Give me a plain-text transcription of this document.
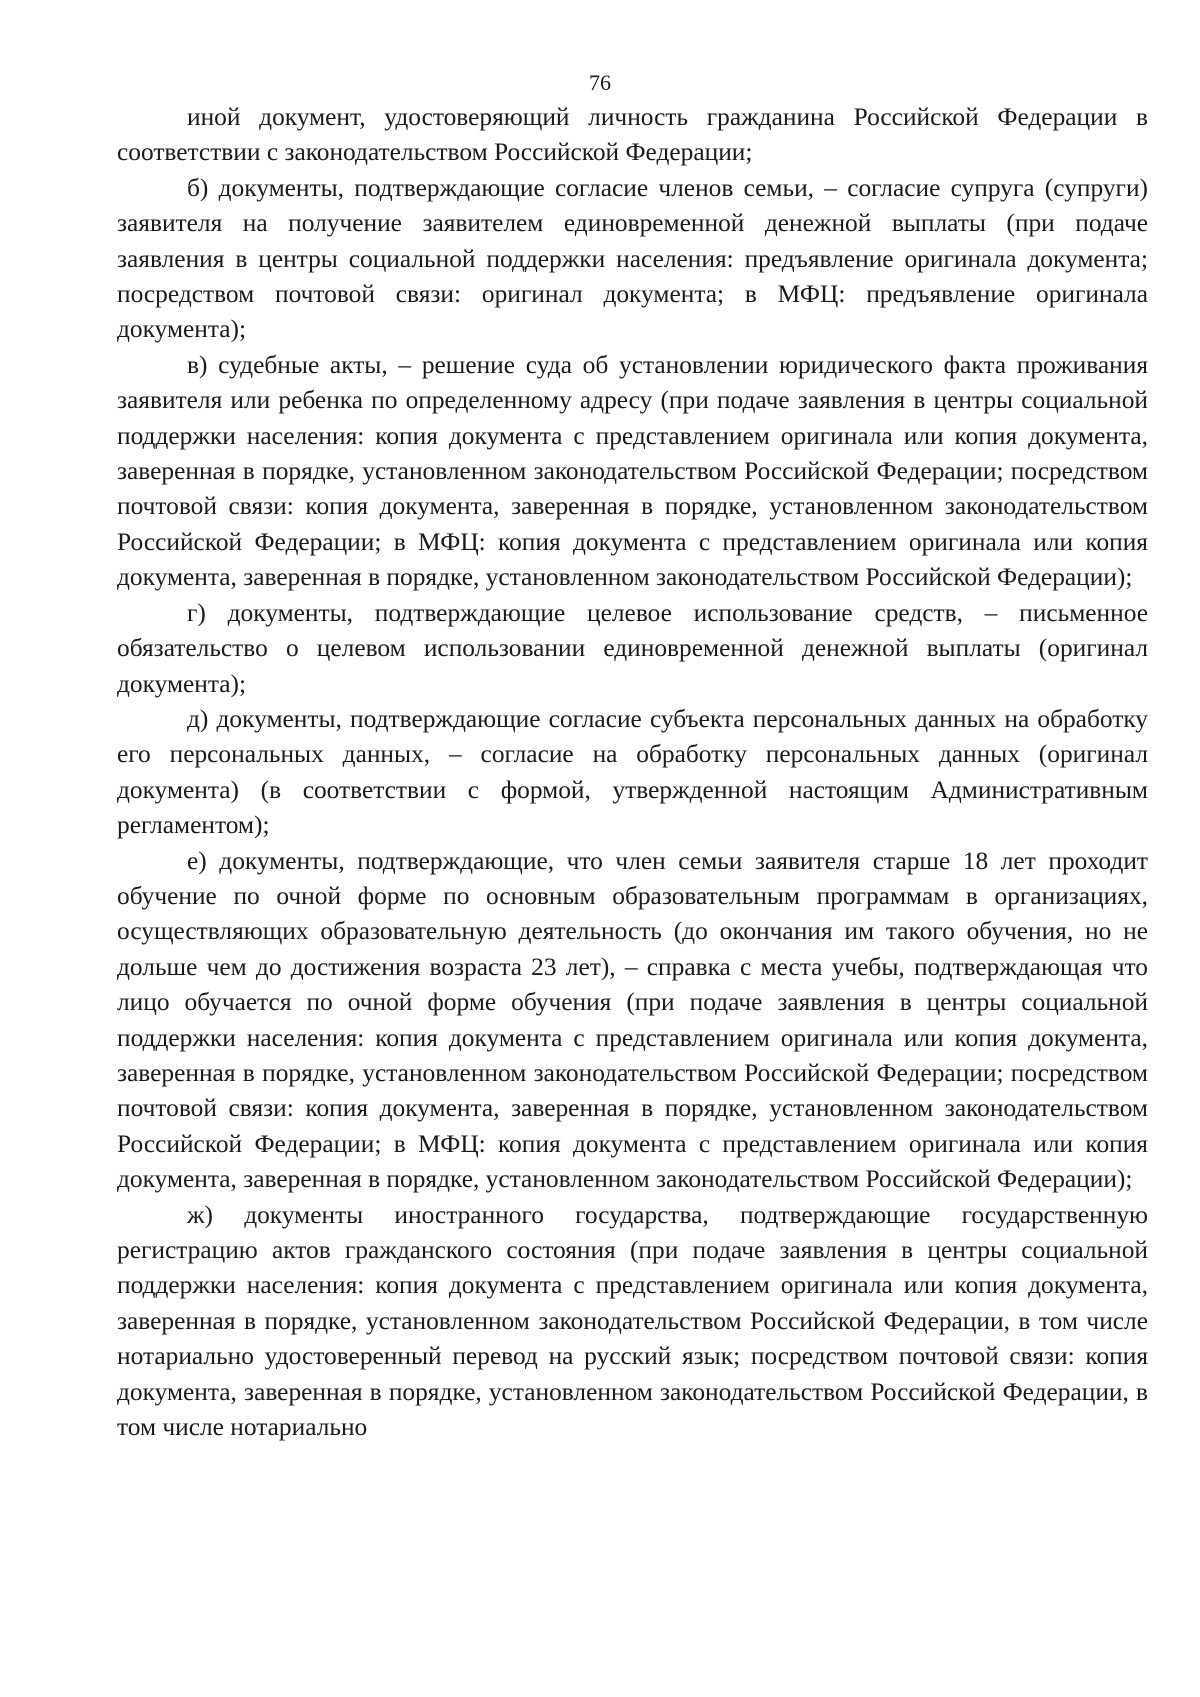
76

иной документ, удостоверяющий личность гражданина Российской Федерации в соответствии с законодательством Российской Федерации;

б) документы, подтверждающие согласие членов семьи, – согласие супруга (супруги) заявителя на получение заявителем единовременной денежной выплаты (при подаче заявления в центры социальной поддержки населения: предъявление оригинала документа; посредством почтовой связи: оригинал документа; в МФЦ: предъявление оригинала документа);

в) судебные акты, – решение суда об установлении юридического факта проживания заявителя или ребенка по определенному адресу (при подаче заявления в центры социальной поддержки населения: копия документа с представлением оригинала или копия документа, заверенная в порядке, установленном законодательством Российской Федерации; посредством почтовой связи: копия документа, заверенная в порядке, установленном законодательством Российской Федерации; в МФЦ: копия документа с представлением оригинала или копия документа, заверенная в порядке, установленном законодательством Российской Федерации);

г) документы, подтверждающие целевое использование средств, – письменное обязательство о целевом использовании единовременной денежной выплаты (оригинал документа);

д) документы, подтверждающие согласие субъекта персональных данных на обработку его персональных данных, – согласие на обработку персональных данных (оригинал документа) (в соответствии с формой, утвержденной настоящим Административным регламентом);

е) документы, подтверждающие, что член семьи заявителя старше 18 лет проходит обучение по очной форме по основным образовательным программам в организациях, осуществляющих образовательную деятельность (до окончания им такого обучения, но не дольше чем до достижения возраста 23 лет), – справка с места учебы, подтверждающая что лицо обучается по очной форме обучения (при подаче заявления в центры социальной поддержки населения: копия документа с представлением оригинала или копия документа, заверенная в порядке, установленном законодательством Российской Федерации; посредством почтовой связи: копия документа, заверенная в порядке, установленном законодательством Российской Федерации; в МФЦ: копия документа с представлением оригинала или копия документа, заверенная в порядке, установленном законодательством Российской Федерации);

ж) документы иностранного государства, подтверждающие государственную регистрацию актов гражданского состояния (при подаче заявления в центры социальной поддержки населения: копия документа с представлением оригинала или копия документа, заверенная в порядке, установленном законодательством Российской Федерации, в том числе нотариально удостоверенный перевод на русский язык; посредством почтовой связи: копия документа, заверенная в порядке, установленном законодательством Российской Федерации, в том числе нотариально
